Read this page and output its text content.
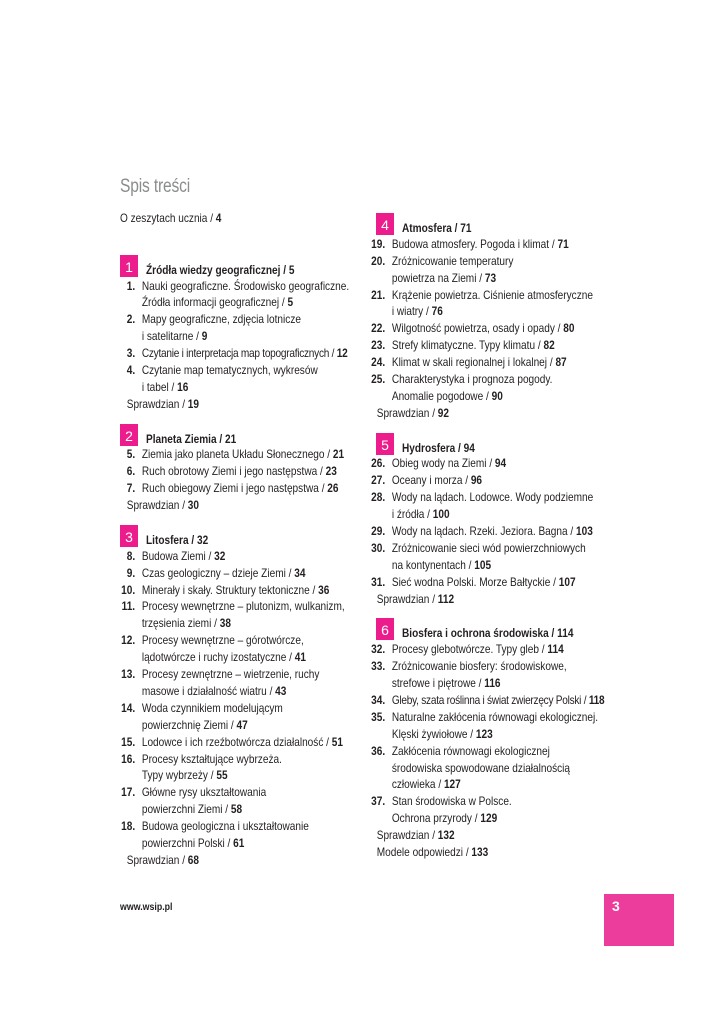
Spis treści
O zeszytach ucznia / 4
1	Źródła wiedzy geograficznej / 5
1. Nauki geograficzne. Środowisko geograficzne.
Źródła informacji geograficznej / 5
2. Mapy geograficzne, zdjęcia lotnicze
i satelitarne / 9
3. Czytanie i interpretacja map topograficznych / 12
4. Czytanie map tematycznych, wykresów
i tabel / 16
Sprawdzian / 19
2	Planeta Ziemia / 21
5. Ziemia jako planeta Układu Słonecznego / 21
6. Ruch obrotowy Ziemi i jego następstwa / 23
7. Ruch obiegowy Ziemi i jego następstwa / 26
Sprawdzian / 30
3	Litosfera / 32
8. Budowa Ziemi / 32
9. Czas geologiczny – dzieje Ziemi / 34
10. Minerały i skały. Struktury tektoniczne / 36
11. Procesy wewnętrzne – plutonizm, wulkanizm,
trzęsienia ziemi / 38
12. Procesy wewnętrzne – górotwórcze,
lądotwórcze i ruchy izostatyczne / 41
13. Procesy zewnętrzne – wietrzenie, ruchy
masowe i działalność wiatru / 43
14. Woda czynnikiem modelującym
powierzchnię Ziemi / 47
15. Lodowce i ich rzeźbotwórcza działalność / 51
16. Procesy kształtujące wybrzeża.
Typy wybrzeży / 55
17. Główne rysy ukształtowania
powierzchni Ziemi / 58
18. Budowa geologiczna i ukształtowanie
powierzchni Polski / 61
Sprawdzian / 68
4	Atmosfera / 71
19. Budowa atmosfery. Pogoda i klimat / 71
20. Zróżnicowanie temperatury
powietrza na Ziemi / 73
21. Krążenie powietrza. Ciśnienie atmosferyczne
i wiatry / 76
22. Wilgotność powietrza, osady i opady / 80
23. Strefy klimatyczne. Typy klimatu / 82
24. Klimat w skali regionalnej i lokalnej / 87
25. Charakterystyka i prognoza pogody.
Anomalie pogodowe / 90
Sprawdzian / 92
5	Hydrosfera / 94
26. Obieg wody na Ziemi / 94
27. Oceany i morza / 96
28. Wody na lądach. Lodowce. Wody podziemne
i źródła / 100
29. Wody na lądach. Rzeki. Jeziora. Bagna / 103
30. Zróżnicowanie sieci wód powierzchniowych
na kontynentach / 105
31. Sieć wodna Polski. Morze Bałtyckie / 107
Sprawdzian / 112
6	Biosfera i ochrona środowiska / 114
32. Procesy glebotwórcze. Typy gleb / 114
33. Zróżnicowanie biosfery: środowiskowe,
strefowe i piętrowe / 116
34. Gleby, szata roślinna i świat zwierzęcy Polski / 118
35. Naturalne zakłócenia równowagi ekologicznej.
Klęski żywiołowe / 123
36. Zakłócenia równowagi ekologicznej
środowiska spowodowane działalnością
człowieka / 127
37. Stan środowiska w Polsce.
Ochrona przyrody / 129
Sprawdzian / 132
Modele odpowiedzi / 133
www.wsip.pl	3
